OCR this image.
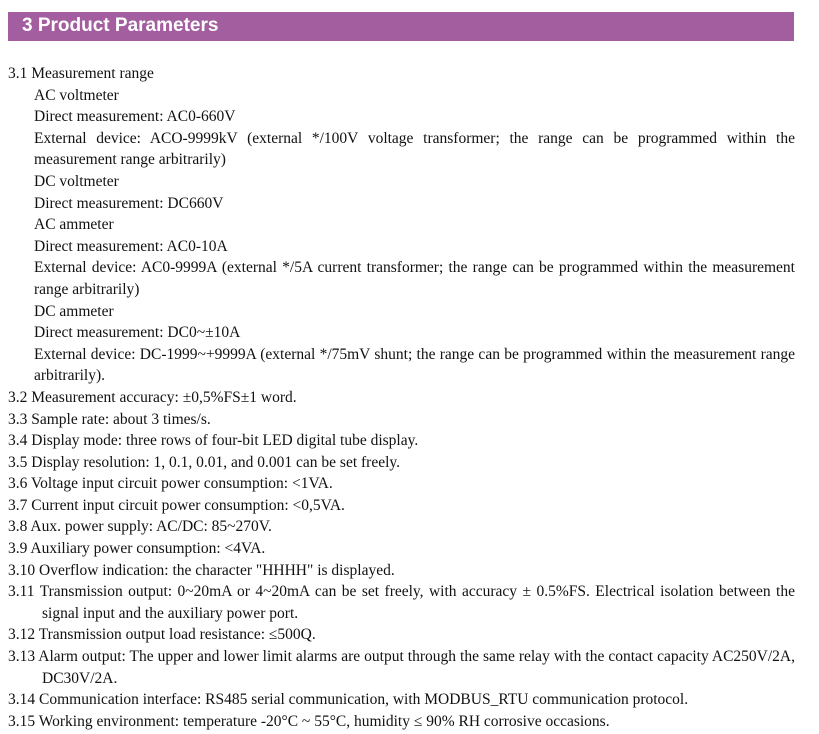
3 Product Parameters
3.1 Measurement range
AC voltmeter
Direct measurement: AC0-660V
External device: ACO-9999kV (external */100V voltage transformer; the range can be programmed within the measurement range arbitrarily)
DC voltmeter
Direct measurement: DC660V
AC ammeter
Direct measurement: AC0-10A
External device: AC0-9999A (external */5A current transformer; the range can be programmed within the measurement range arbitrarily)
DC ammeter
Direct measurement: DC0~±10A
External device: DC-1999~+9999A (external */75mV shunt; the range can be programmed within the measurement range arbitrarily).
3.2 Measurement accuracy: ±0,5%FS±1 word.
3.3 Sample rate: about 3 times/s.
3.4 Display mode: three rows of four-bit LED digital tube display.
3.5 Display resolution: 1, 0.1, 0.01, and 0.001 can be set freely.
3.6 Voltage input circuit power consumption: <1VA.
3.7 Current input circuit power consumption: <0,5VA.
3.8 Aux. power supply: AC/DC: 85~270V.
3.9 Auxiliary power consumption: <4VA.
3.10 Overflow indication: the character "HHHH" is displayed.
3.11 Transmission output: 0~20mA or 4~20mA can be set freely, with accuracy ± 0.5%FS. Electrical isolation between the signal input and the auxiliary power port.
3.12 Transmission output load resistance: ≤500Q.
3.13 Alarm output: The upper and lower limit alarms are output through the same relay with the contact capacity AC250V/2A, DC30V/2A.
3.14 Communication interface: RS485 serial communication, with MODBUS_RTU communication protocol.
3.15 Working environment: temperature -20°C ~ 55°C, humidity ≤ 90% RH corrosive occasions.
